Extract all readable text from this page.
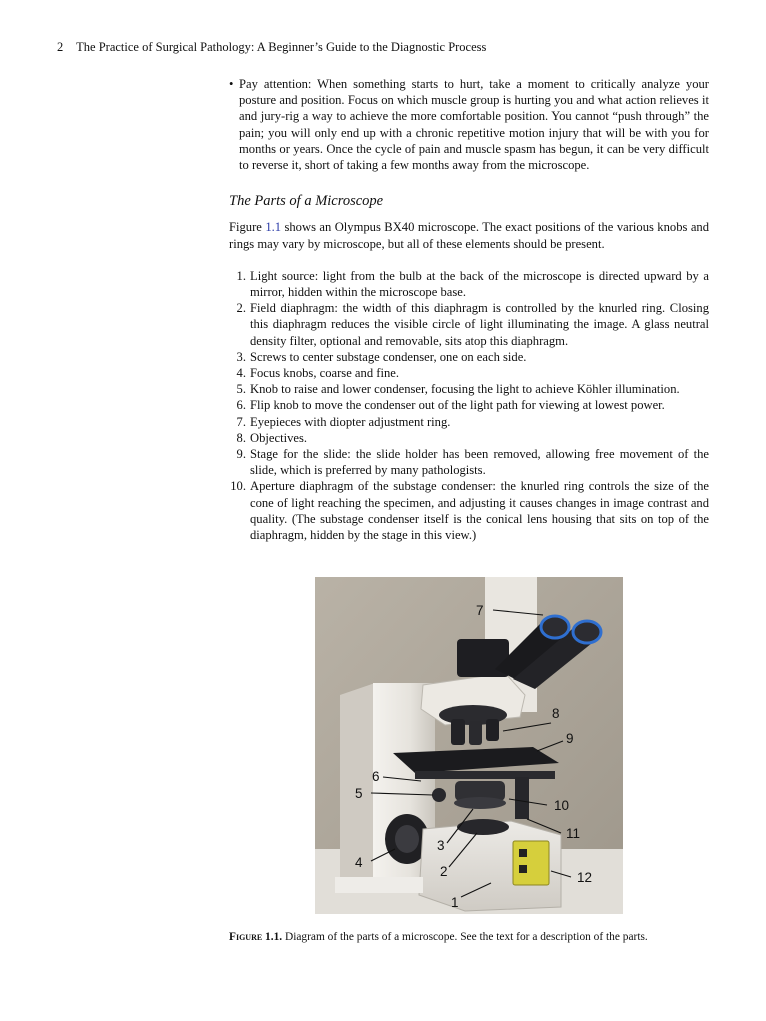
2 The Practice of Surgical Pathology: A Beginner’s Guide to the Diagnostic Process
• Pay attention: When something starts to hurt, take a moment to critically analyze your posture and position. Focus on which muscle group is hurting you and what action relieves it and jury-rig a way to achieve the more comfortable position. You cannot “push through” the pain; you will only end up with a chronic repetitive motion injury that will be with you for months or years. Once the cycle of pain and muscle spasm has begun, it can be very difficult to reverse it, short of taking a few months away from the microscope.
The Parts of a Microscope

Figure 1.1 shows an Olympus BX40 microscope. The exact positions of the various knobs and rings may vary by microscope, but all of these elements should be present.

1. Light source: light from the bulb at the back of the microscope is directed upward by a mirror, hidden within the microscope base.
2. Field diaphragm: the width of this diaphragm is controlled by the knurled ring. Closing this diaphragm reduces the visible circle of light illuminating the image. A glass neutral density filter, optional and removable, sits atop this diaphragm.
3. Screws to center substage condenser, one on each side.
4. Focus knobs, coarse and fine.
5. Knob to raise and lower condenser, focusing the light to achieve Köhler illumination.
6. Flip knob to move the condenser out of the light path for viewing at lowest power.
7. Eyepieces with diopter adjustment ring.
8. Objectives.
9. Stage for the slide: the slide holder has been removed, allowing free movement of the slide, which is preferred by many pathologists.
10. Aperture diaphragm of the substage condenser: the knurled ring controls the size of the cone of light reaching the specimen, and adjusting it causes changes in image contrast and quality. (The substage condenser itself is the conical lens housing that sits on top of the diaphragm, hidden by the stage in this view.)
7
8
9
6
5
10
11
3
4
2	12
1
Figure 1.1. Diagram of the parts of a microscope. See the text for a description of the parts.
